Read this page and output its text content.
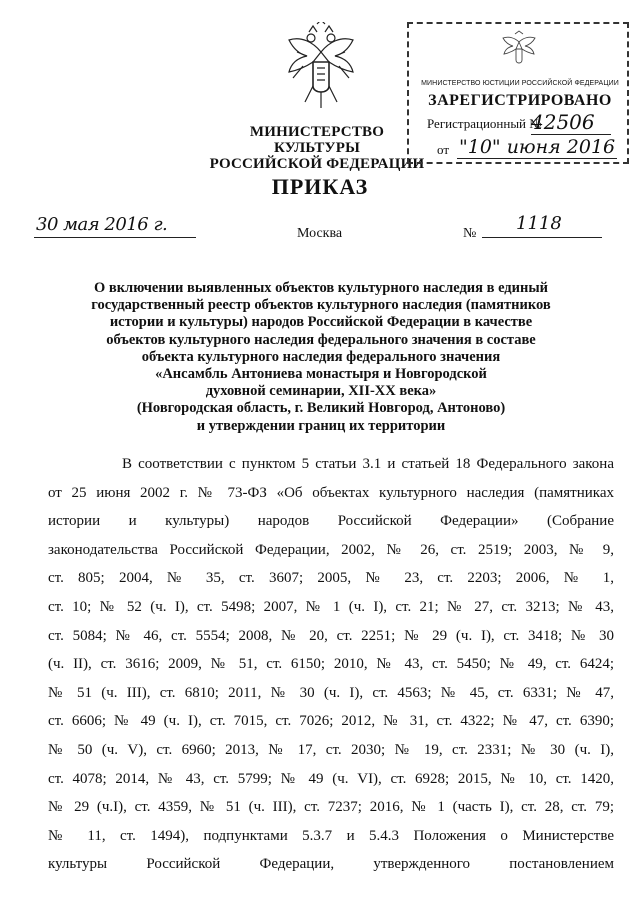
МИНИСТЕРСТВО КУЛЬТУРЫ
РОССИЙСКОЙ ФЕДЕРАЦИИ
МИНИСТЕРСТВО ЮСТИЦИИ РОССИЙСКОЙ ФЕДЕРАЦИИ
ЗАРЕГИСТРИРОВАНО
Регистрационный №
42506
от "10" июня 2016
ПРИКАЗ
30 мая 2016 г.	Москва	№ 1118
О включении выявленных объектов культурного наследия в единый
государственный реестр объектов культурного наследия (памятников
истории и культуры) народов Российской Федерации в качестве
объектов культурного наследия федерального значения в составе
объекта культурного наследия федерального значения
«Ансамбль Антониева монастыря и Новгородской
духовной семинарии, XII-XX века»
(Новгородская область, г. Великий Новгород, Антоново)
и утверждении границ их территории
В соответствии с пунктом 5 статьи 3.1 и статьей 18 Федерального закона
от 25 июня 2002 г. № 73-ФЗ «Об объектах культурного наследия (памятниках
истории и культуры) народов Российской Федерации» (Собрание
законодательства Российской Федерации, 2002, № 26, ст. 2519; 2003, № 9,
ст. 805; 2004, № 35, ст. 3607; 2005, № 23, ст. 2203; 2006, № 1,
ст. 10; № 52 (ч. I), ст. 5498; 2007, № 1 (ч. I), ст. 21; № 27, ст. 3213; № 43,
ст. 5084; № 46, ст. 5554; 2008, № 20, ст. 2251; № 29 (ч. I), ст. 3418; № 30
(ч. II), ст. 3616; 2009, № 51, ст. 6150; 2010, № 43, ст. 5450; № 49, ст. 6424;
№ 51 (ч. III), ст. 6810; 2011, № 30 (ч. I), ст. 4563; № 45, ст. 6331; № 47,
ст. 6606; № 49 (ч. I), ст. 7015, ст. 7026; 2012, № 31, ст. 4322; № 47, ст. 6390;
№ 50 (ч. V), ст. 6960; 2013, № 17, ст. 2030; № 19, ст. 2331; № 30 (ч. I),
ст. 4078; 2014, № 43, ст. 5799; № 49 (ч. VI), ст. 6928; 2015, № 10, ст. 1420,
№ 29 (ч.I), ст. 4359, № 51 (ч. III), ст. 7237; 2016, № 1 (часть I), ст. 28, ст. 79;
№ 11, ст. 1494), подпунктами 5.3.7 и 5.4.3 Положения о Министерстве
культуры Российской Федерации, утвержденного постановлением
